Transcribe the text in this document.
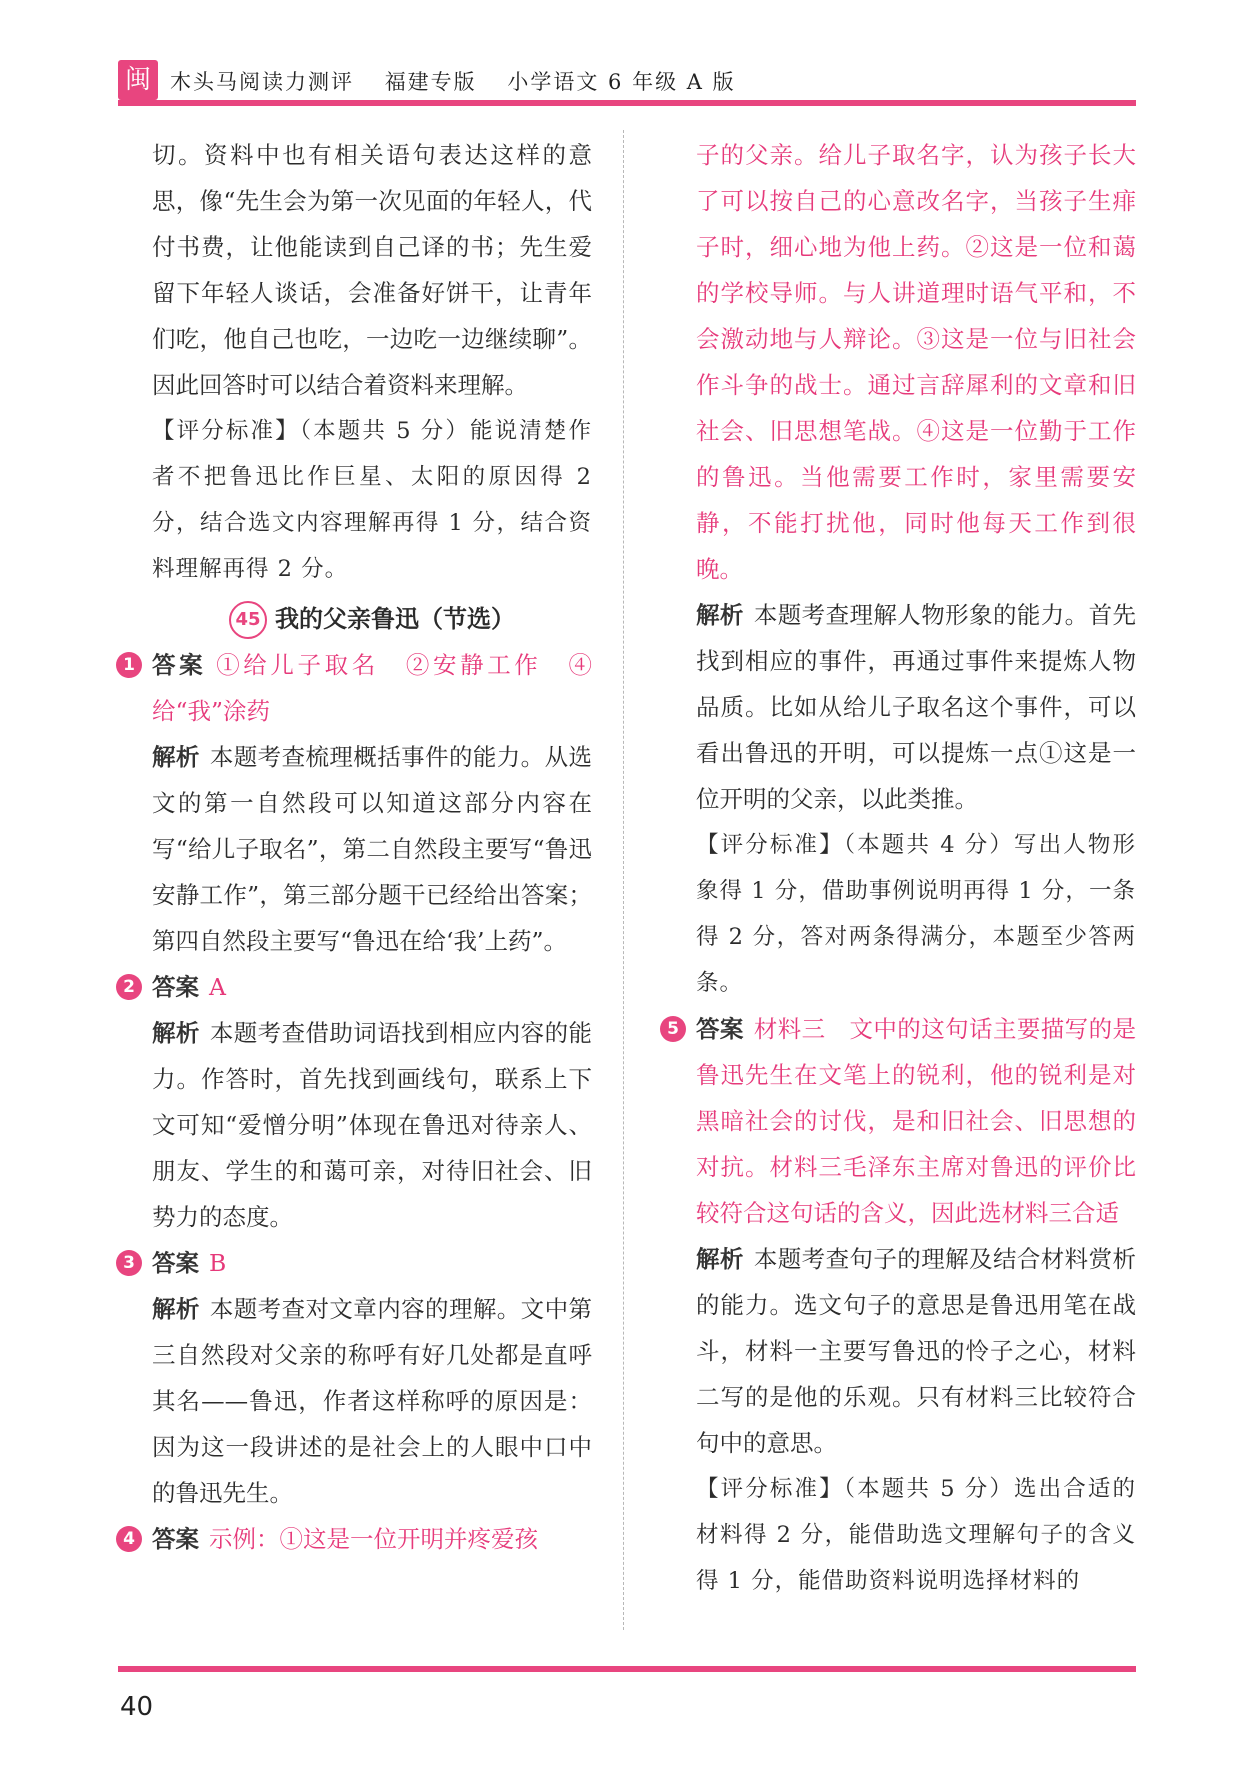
闽 木头马阅读力测评 福建专版 小学语文 6 年级 A 版

切。资料中也有相关语句表达这样的意思，像“先生会为第一次见面的年轻人，代付书费，让他能读到自己译的书；先生爱留下年轻人谈话，会准备好饼干，让青年们吃，他自己也吃，一边吃一边继续聊”。因此回答时可以结合着资料来理解。

【评分标准】（本题共 5 分）能说清楚作者不把鲁迅比作巨星、太阳的原因得 2 分，结合选文内容理解再得 1 分，结合资料理解再得 2 分。

45 我的父亲鲁迅（节选）

1 答案 ①给儿子取名　②安静工作　④给“我”涂药

解析 本题考查梳理概括事件的能力。从选文的第一自然段可以知道这部分内容在写“给儿子取名”，第二自然段主要写“鲁迅安静工作”，第三部分题干已经给出答案；第四自然段主要写“鲁迅在给‘我’上药”。

2 答案 A

解析 本题考查借助词语找到相应内容的能力。作答时，首先找到画线句，联系上下文可知“爱憎分明”体现在鲁迅对待亲人、朋友、学生的和蔼可亲，对待旧社会、旧势力的态度。

3 答案 B

解析 本题考查对文章内容的理解。文中第三自然段对父亲的称呼有好几处都是直呼其名——鲁迅，作者这样称呼的原因是：因为这一段讲述的是社会上的人眼中口中的鲁迅先生。

4 答案 示例：①这是一位开明并疼爱孩

子的父亲。给儿子取名字，认为孩子长大了可以按自己的心意改名字，当孩子生痱子时，细心地为他上药。②这是一位和蔼的学校导师。与人讲道理时语气平和，不会激动地与人辩论。③这是一位与旧社会作斗争的战士。通过言辞犀利的文章和旧社会、旧思想笔战。④这是一位勤于工作的鲁迅。当他需要工作时，家里需要安静，不能打扰他，同时他每天工作到很晚。

解析 本题考查理解人物形象的能力。首先找到相应的事件，再通过事件来提炼人物品质。比如从给儿子取名这个事件，可以看出鲁迅的开明，可以提炼一点①这是一位开明的父亲，以此类推。

【评分标准】（本题共 4 分）写出人物形象得 1 分，借助事例说明再得 1 分，一条得 2 分，答对两条得满分，本题至少答两条。

5 答案 材料三　文中的这句话主要描写的是鲁迅先生在文笔上的锐利，他的锐利是对黑暗社会的讨伐，是和旧社会、旧思想的对抗。材料三毛泽东主席对鲁迅的评价比较符合这句话的含义，因此选材料三合适

解析 本题考查句子的理解及结合材料赏析的能力。选文句子的意思是鲁迅用笔在战斗，材料一主要写鲁迅的怜子之心，材料二写的是他的乐观。只有材料三比较符合句中的意思。

【评分标准】（本题共 5 分）选出合适的材料得 2 分，能借助选文理解句子的含义得 1 分，能借助资料说明选择材料的

40
